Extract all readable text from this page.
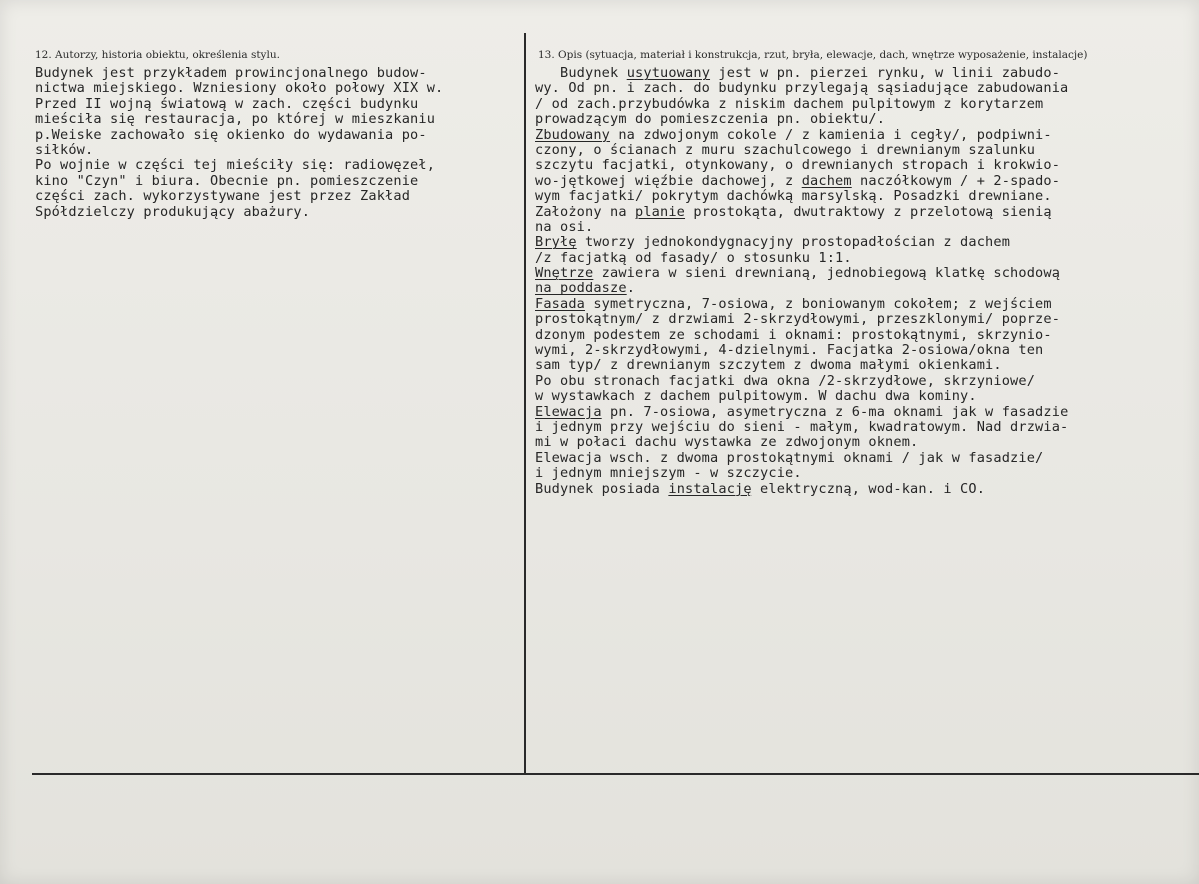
12. Autorzy, historia obiektu, określenia stylu.	13. Opis (sytuacja, materiał i konstrukcja, rzut, bryła, elewacje, dach, wnętrze wyposażenie, instalacje)
Budynek jest przykładem prowincjonalnego budow-
nictwa miejskiego. Wzniesiony około połowy XIX w.
Przed II wojną światową w zach. części budynku
mieściła się restauracja, po której w mieszkaniu
p.Weiske zachowało się okienko do wydawania po-
siłków.
Po wojnie w części tej mieściły się: radiowęzeł,
kino "Czyn" i biura. Obecnie pn. pomieszczenie
części zach. wykorzystywane jest przez Zakład
Spółdzielczy produkujący abażury.
Budynek usytuowany jest w pn. pierzei rynku, w linii zabudo-
wy. Od pn. i zach. do budynku przylegają sąsiadujące zabudowania
/ od zach.przybudówka z niskim dachem pulpitowym z korytarzem
prowadzącym do pomieszczenia pn. obiektu/.
Zbudowany na zdwojonym cokole / z kamienia i cegły/, podpiwni-
czony, o ścianach z muru szachulcowego i drewnianym szalunku
szczytu facjatki, otynkowany, o drewnianych stropach i krokwio-
wo-jętkowej więźbie dachowej, z dachem naczółkowym / + 2-spado-
wym facjatki/ pokrytym dachówką marsylską. Posadzki drewniane.
Założony na planie prostokąta, dwutraktowy z przelotową sienią
na osi.
Bryłę tworzy jednokondygnacyjny prostopadłościan z dachem
/z facjatką od fasady/ o stosunku 1:1.
Wnętrze zawiera w sieni drewnianą, jednobiegową klatkę schodową
na poddasze.
Fasada symetryczna, 7-osiowa, z boniowanym cokołem; z wejściem
prostokątnym/ z drzwiami 2-skrzydłowymi, przeszklonymi/ poprze-
dzonym podestem ze schodami i oknami: prostokątnymi, skrzynio-
wymi, 2-skrzydłowymi, 4-dzielnymi. Facjatka 2-osiowa/okna ten
sam typ/ z drewnianym szczytem z dwoma małymi okienkami.
Po obu stronach facjatki dwa okna /2-skrzydłowe, skrzyniowe/
w wystawkach z dachem pulpitowym. W dachu dwa kominy.
Elewacja pn. 7-osiowa, asymetryczna z 6-ma oknami jak w fasadzie
i jednym przy wejściu do sieni - małym, kwadratowym. Nad drzwia-
mi w połaci dachu wystawka ze zdwojonym oknem.
Elewacja wsch. z dwoma prostokątnymi oknami / jak w fasadzie/
i jednym mniejszym - w szczycie.
Budynek posiada instalację elektryczną, wod-kan. i CO.
